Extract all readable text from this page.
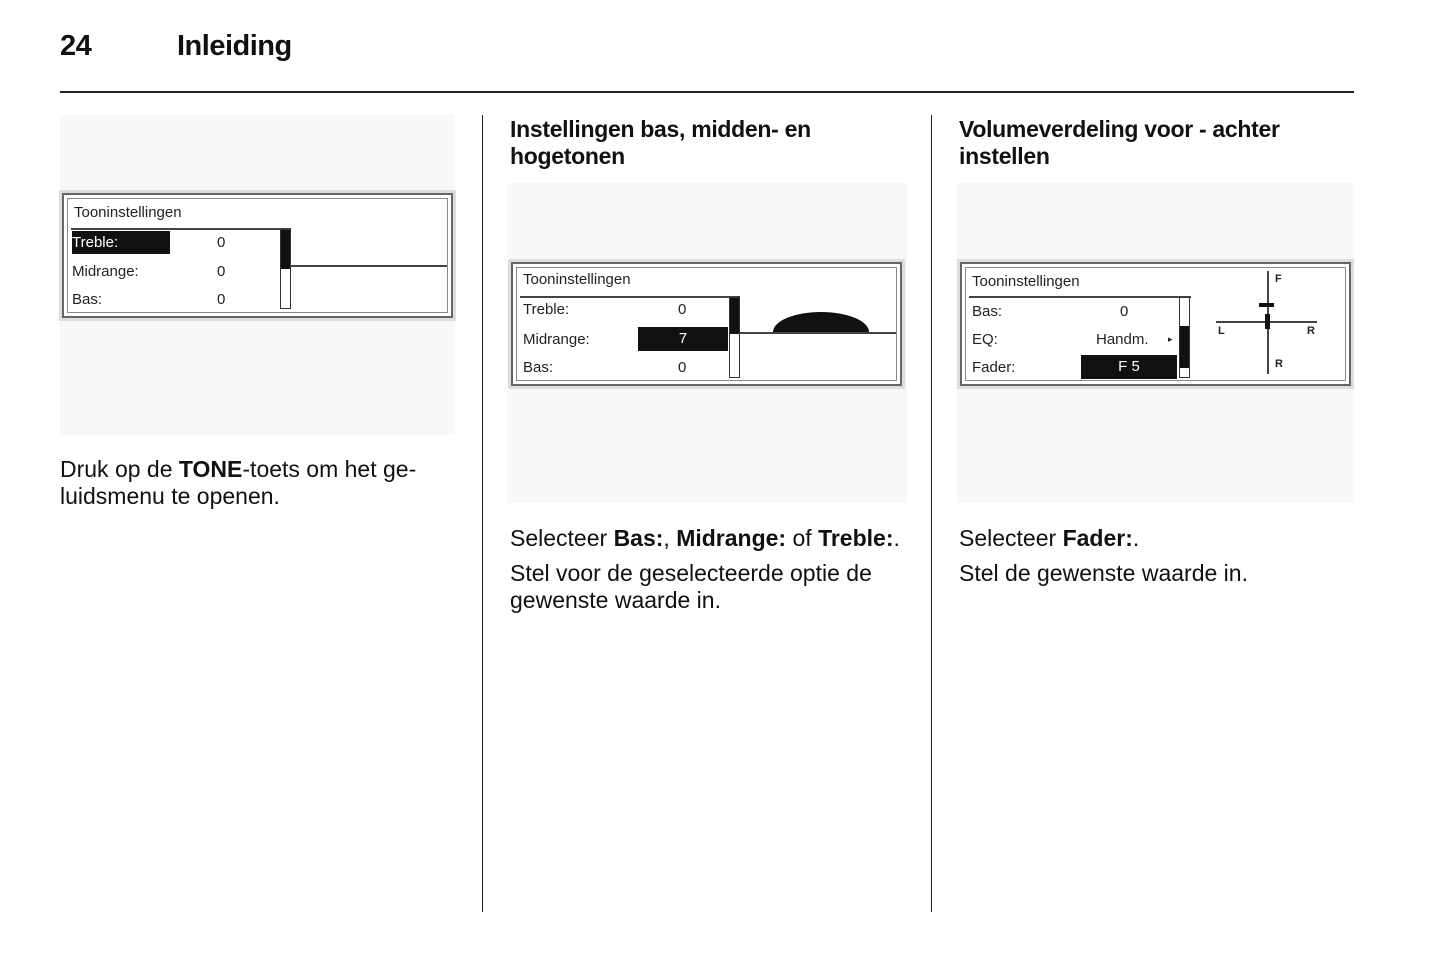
24	Inleiding
Tooninstellingen
Treble:	0
Midrange:	0
Bas:	0

Druk op de TONE-toets om het ge-luidsmenu te openen.

Instellingen bas, midden- en hogetonen
Tooninstellingen
Treble:	0
Midrange:	7
Bas:	0

Selecteer Bas:, Midrange: of Treble:.

Stel voor de geselecteerde optie de gewenste waarde in.

Volumeverdeling voor - achter instellen
Tooninstellingen
Bas:	0
EQ:	Handm. ▸
Fader:	F 5
F
L	R
R

Selecteer Fader:.

Stel de gewenste waarde in.
